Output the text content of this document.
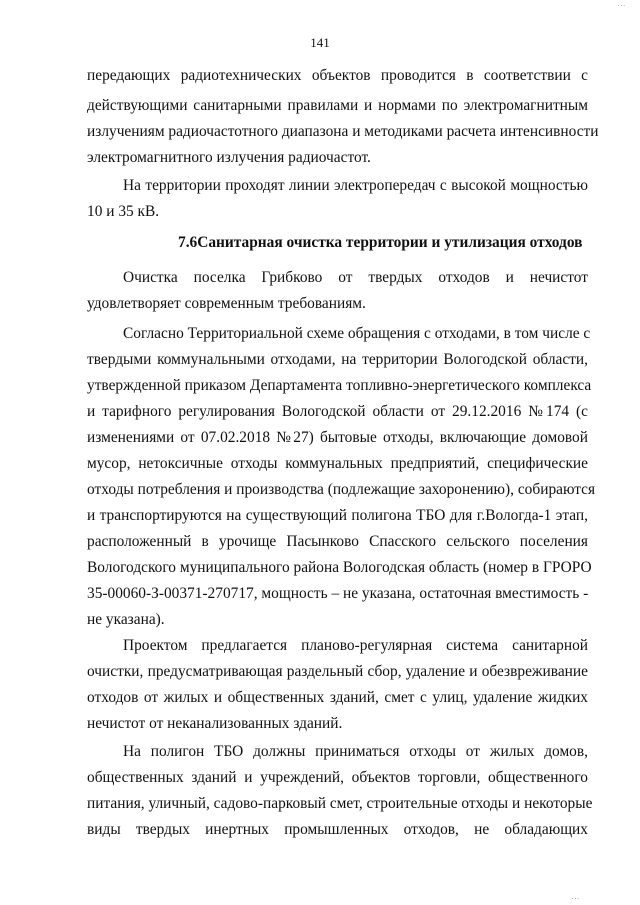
...
141
передающих радиотехнических объектов проводится в соответствии с
действующими санитарными правилами и нормами по электромагнитным
излучениям радиочастотного диапазона и методиками расчета интенсивности
электромагнитного излучения радиочастот.
На территории проходят линии электропередач с высокой мощностью
10 и 35 кВ.
Очистка поселка Грибково от твердых отходов и нечистот
удовлетворяет современным требованиям.
Согласно Территориальной схеме обращения с отходами, в том числе с
твердыми коммунальными отходами, на территории Вологодской области,
утвержденной приказом Департамента топливно-энергетического комплекса
и тарифного регулирования Вологодской области от 29.12.2016 №174 (с
изменениями от 07.02.2018 №27) бытовые отходы, включающие домовой
мусор, нетоксичные отходы коммунальных предприятий, специфические
отходы потребления и производства (подлежащие захоронению), собираются
и транспортируются на существующий полигона ТБО для г.Вологда-1 этап,
расположенный в урочище Пасынково Спасского сельского поселения
Вологодского муниципального района Вологодская область (номер в ГРОРО
35-00060-З-00371-270717, мощность – не указана, остаточная вместимость -
не указана).
Проектом предлагается планово-регулярная система санитарной
очистки, предусматривающая раздельный сбор, удаление и обезвреживание
отходов от жилых и общественных зданий, смет с улиц, удаление жидких
нечистот от неканализованных зданий.
На полигон ТБО должны приниматься отходы от жилых домов,
общественных зданий и учреждений, объектов торговли, общественного
питания, уличный, садово-парковый смет, строительные отходы и некоторые
виды твердых инертных промышленных отходов, не обладающих
7.6Санитарная очистка территории и утилизация отходов
...
